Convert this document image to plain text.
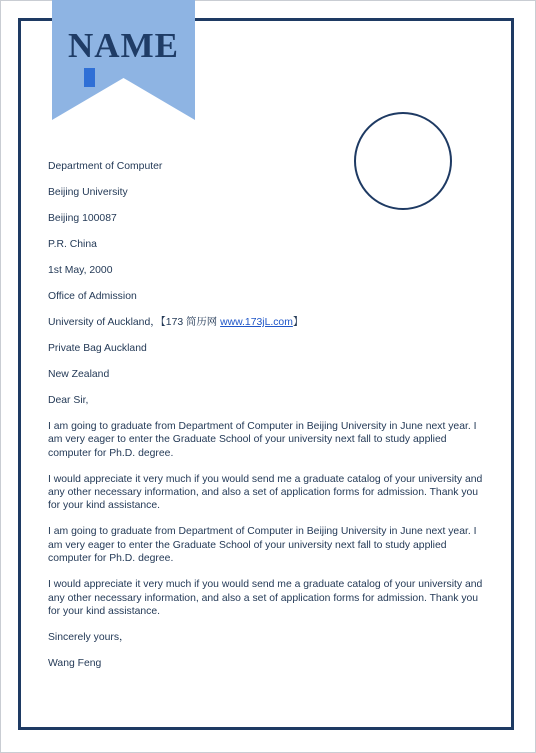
NAME
Department of Computer
Beijing University
Beijing 100087
P.R. China
1st May, 2000
Office of Admission
University of Auckland，【173 简历网 www.173jL.com】
Private Bag Auckland
New Zealand
Dear Sir,
I am going to graduate from Department of Computer in Beijing University in June next year. I am very eager to enter the Graduate School of your university next fall to study applied computer for Ph.D. degree.
I would appreciate it very much if you would send me a graduate catalog of your university and any other necessary information, and also a set of application forms for admission. Thank you for your kind assistance.
I am going to graduate from Department of Computer in Beijing University in June next year. I am very eager to enter the Graduate School of your university next fall to study applied computer for Ph.D. degree.
I would appreciate it very much if you would send me a graduate catalog of your university and any other necessary information, and also a set of application forms for admission. Thank you for your kind assistance.
Sincerely yours，
Wang Feng
